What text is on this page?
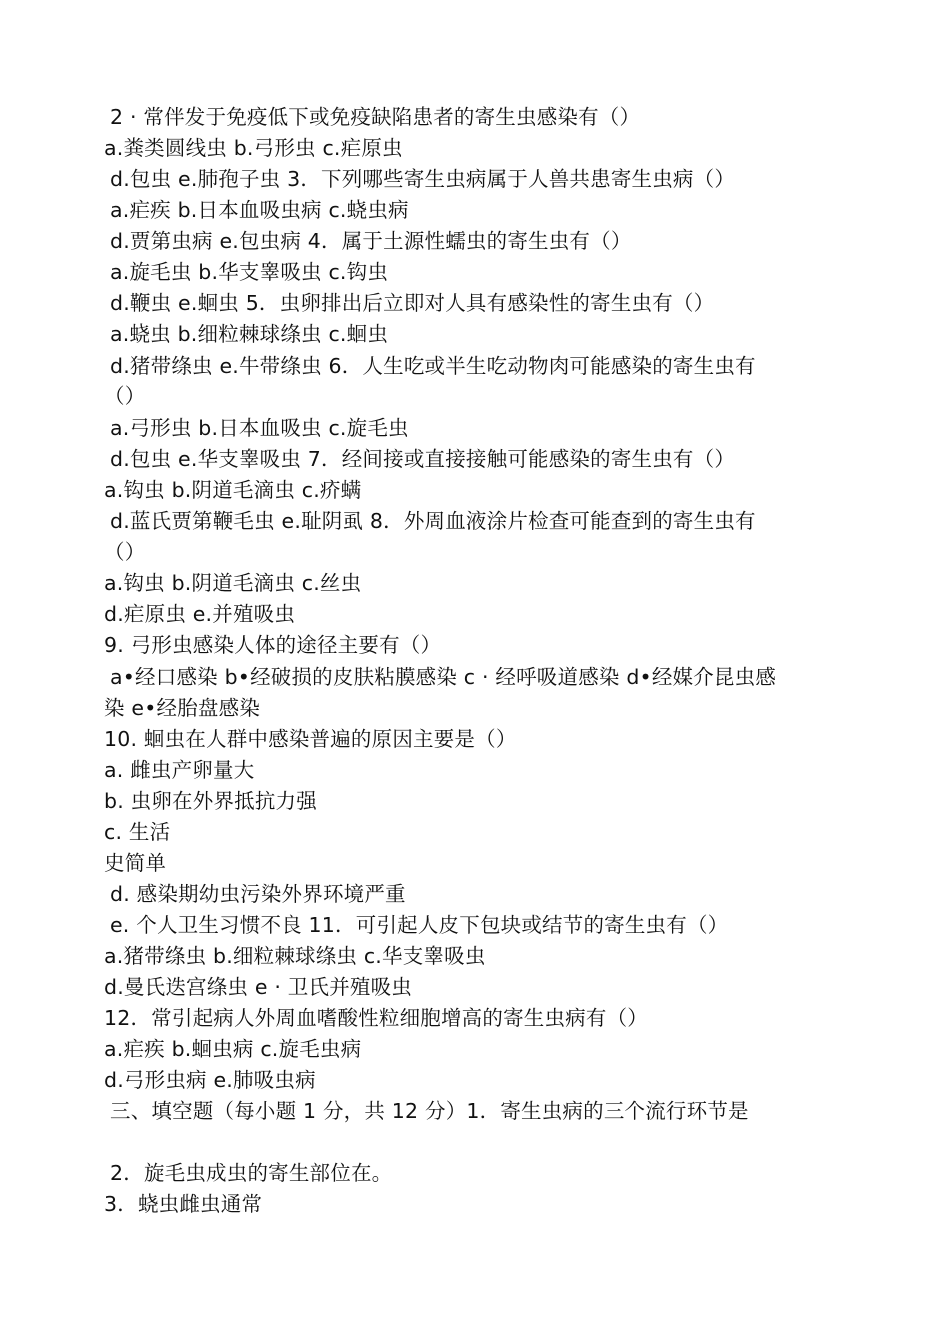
2 · 常伴发于免疫低下或免疫缺陷患者的寄生虫感染有（）
a.粪类圆线虫 b.弓形虫 c.疟原虫
d.包虫 e.肺孢子虫 3．下列哪些寄生虫病属于人兽共患寄生虫病（）
a.疟疾 b.日本血吸虫病 c.蛲虫病
d.贾第虫病 e.包虫病 4．属于土源性蠕虫的寄生虫有（）
a.旋毛虫 b.华支睾吸虫 c.钩虫
d.鞭虫 e.蛔虫 5．虫卵排出后立即对人具有感染性的寄生虫有（）
a.蛲虫 b.细粒棘球绦虫 c.蛔虫
d.猪带绦虫 e.牛带绦虫 6．人生吃或半生吃动物肉可能感染的寄生虫有
（）
a.弓形虫 b.日本血吸虫 c.旋毛虫
d.包虫 e.华支睾吸虫 7．经间接或直接接触可能感染的寄生虫有（）
a.钩虫 b.阴道毛滴虫 c.疥螨
d.蓝氏贾第鞭毛虫 e.耻阴虱 8．外周血液涂片检查可能查到的寄生虫有
（）
a.钩虫 b.阴道毛滴虫 c.丝虫
d.疟原虫 e.并殖吸虫
9. 弓形虫感染人体的途径主要有（）
a•经口感染 b•经破损的皮肤粘膜感染 c · 经呼吸道感染 d•经媒介昆虫感
染 e•经胎盘感染
10. 蛔虫在人群中感染普遍的原因主要是（）
a. 雌虫产卵量大
b. 虫卵在外界抵抗力强
c. 生活
史简单
d. 感染期幼虫污染外界环境严重
e. 个人卫生习惯不良 11．可引起人皮下包块或结节的寄生虫有（）
a.猪带绦虫 b.细粒棘球绦虫 c.华支睾吸虫
d.曼氏迭宫绦虫 e · 卫氏并殖吸虫
12．常引起病人外周血嗜酸性粒细胞增高的寄生虫病有（）
a.疟疾 b.蛔虫病 c.旋毛虫病
d.弓形虫病 e.肺吸虫病
三、填空题（每小题 1 分，共 12 分）1．寄生虫病的三个流行环节是
2．旋毛虫成虫的寄生部位在。
3．蛲虫雌虫通常
